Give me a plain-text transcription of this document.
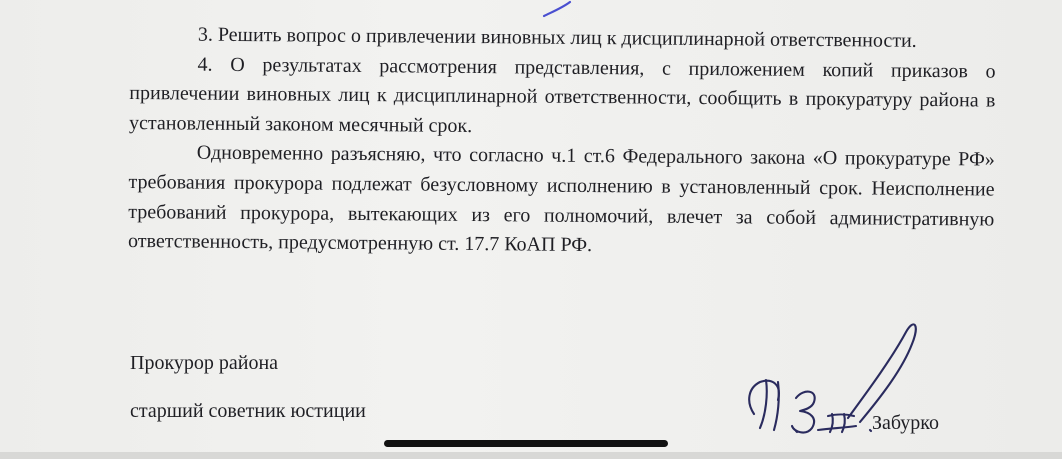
3. Решить вопрос о привлечении виновных лиц к дисциплинарной ответственности.

4. О результатах рассмотрения представления, с приложением копий приказов о привлечении виновных лиц к дисциплинарной ответственности, сообщить в прокуратуру района в установленный законом месячный срок.

Одновременно разъясняю, что согласно ч.1 ст.6 Федерального закона «О прокуратуре РФ» требования прокурора подлежат безусловному исполнению в установленный срок. Неисполнение требований прокурора, вытекающих из его полномочий, влечет за собой административную ответственность, предусмотренную ст. 17.7 КоАП РФ.

Прокурор района
старший советник юстиции
Забурко
